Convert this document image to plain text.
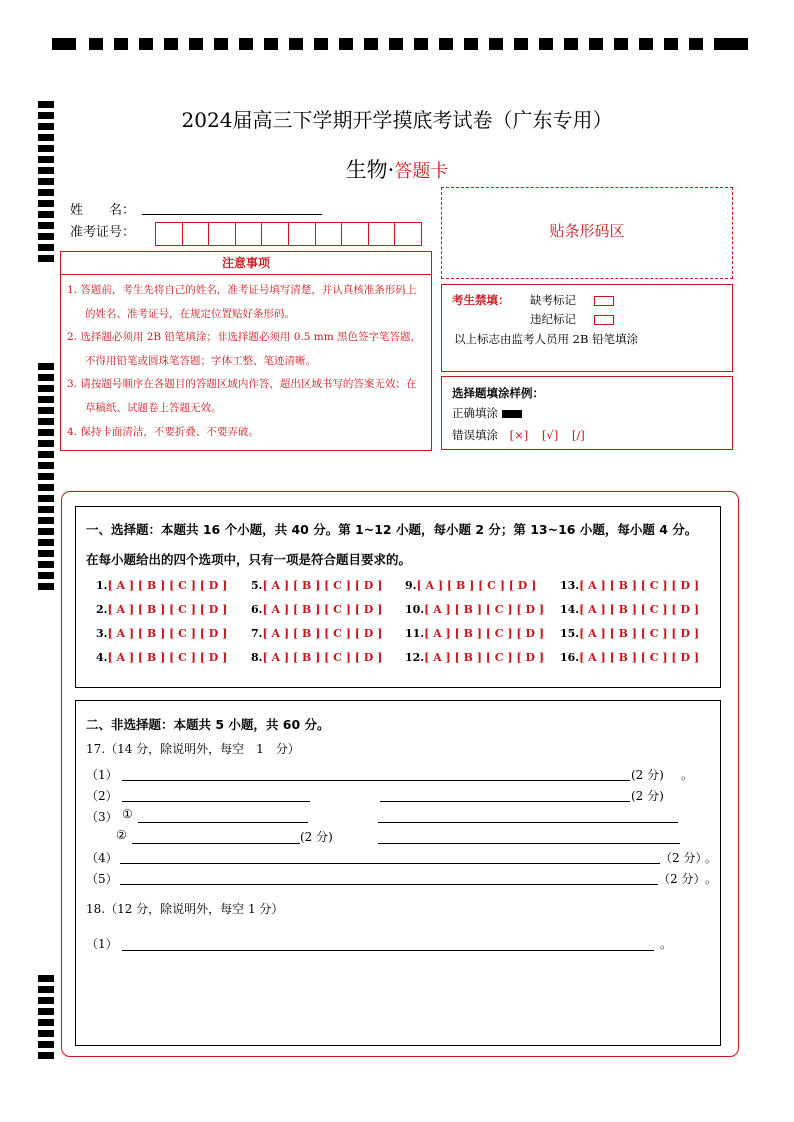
2024届高三下学期开学摸底考试卷（广东专用）
生物·答题卡
姓　　名：
准考证号：
注意事项
1. 答题前，考生先将自己的姓名，准考证号填写清楚，并认真核准条形码上的姓名、准考证号，在规定位置贴好条形码。
2. 选择题必须用 2B 铅笔填涂；非选择题必须用 0.5 mm 黑色签字笔答题，不得用铅笔或圆珠笔答题；字体工整、笔迹清晰。
3. 请按题号顺序在各题目的答题区域内作答，超出区域书写的答案无效；在草稿纸、试题卷上答题无效。
4. 保持卡面清洁，不要折叠、不要弄破。
贴条形码区
考生禁填： 缺考标记
违纪标记
以上标志由监考人员用 2B 铅笔填涂
选择题填涂样例：
正确填涂
错误填涂 [×] [√] [/]
一、选择题：本题共 16 个小题，共 40 分。第 1~12 小题，每小题 2 分；第 13~16 小题，每小题 4 分。
在每小题给出的四个选项中，只有一项是符合题目要求的。
1.[ A ] [ B ] [ C ] [ D ]
2.[ A ] [ B ] [ C ] [ D ]
3.[ A ] [ B ] [ C ] [ D ]
4.[ A ] [ B ] [ C ] [ D ]
5.[ A ] [ B ] [ C ] [ D ]
6.[ A ] [ B ] [ C ] [ D ]
7.[ A ] [ B ] [ C ] [ D ]
8.[ A ] [ B ] [ C ] [ D ]
9.[ A ] [ B ] [ C ] [ D ]
10.[ A ] [ B ] [ C ] [ D ]
11.[ A ] [ B ] [ C ] [ D ]
12.[ A ] [ B ] [ C ] [ D ]
13.[ A ] [ B ] [ C ] [ D ]
14.[ A ] [ B ] [ C ] [ D ]
15.[ A ] [ B ] [ C ] [ D ]
16.[ A ] [ B ] [ C ] [ D ]
二、非选择题：本题共 5 小题，共 60 分。
17.（14 分，除说明外，每空　1　分）
（1）	(2 分) 。
（2）	(2 分)
（3） ①
②	(2 分)
（4）	（2 分）
。
（5）	（2 分） 。
18.（12 分，除说明外，每空 1 分）
（1）	。
